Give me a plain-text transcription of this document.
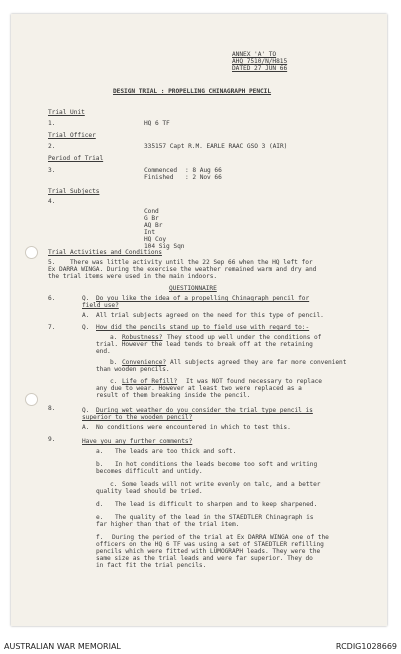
ANNEX 'A' TO
AHQ 7510/N/H815
DATED 27 JUN 66
DESIGN TRIAL : PROPELLING CHINAGRAPH PENCIL
Trial Unit
1.	HQ 6 TF
Trial Officer
2.	335157 Capt R.M. EARLE RAAC GSO 3 (AIR)
Period of Trial
3.	Commenced : 8 Aug 66
Finished : 2 Nov 66
Trial Subjects
4.
Cond
G Br
AQ Br
Int
HQ Coy
104 Sig Sqn
Trial Activities and Conditions
5. There was little activity until the 22 Sep 66 when the HQ left for
Ex DARRA WINGA. During the exercise the weather remained warm and dry and
the trial items were used in the main indoors.
QUESTIONNAIRE
6.	Q. Do you like the idea of a propelling Chinagraph pencil for
field use?
A. All trial subjects agreed on the need for this type of pencil.
7.	Q. How did the pencils stand up to field use with regard to:-
a. Robustness? They stood up well under the conditions of
trial. However the lead tends to break off at the retaining
end.
b. Convenience? All subjects agreed they are far more convenient
than wooden pencils.
c. Life of Refill? It was NOT found necessary to replace
any due to wear. However at least two were replaced as a
result of them breaking inside the pencil.
8.	Q. During wet weather do you consider the trial type pencil is
superior to the wooden pencil?
A. No conditions were encountered in which to test this.
9.	Have you any further comments?
a. The leads are too thick and soft.
b. In hot conditions the leads become too soft and writing
becomes difficult and untidy.
c. Some leads will not write evenly on talc, and a better
quality lead should be tried.
d. The lead is difficult to sharpen and to keep sharpened.
e. The quality of the lead in the STAEDTLER Chinagraph is
far higher than that of the trial item.
f. During the period of the trial at Ex DARRA WINGA one of the
officers on the HQ 6 TF was using a set of STAEDTLER refilling
pencils which were fitted with LUMOGRAPH leads. They were the
same size as the trial leads and were far superior. They do
in fact fit the trial pencils.
AUSTRALIAN WAR MEMORIAL	RCDIG1028669
